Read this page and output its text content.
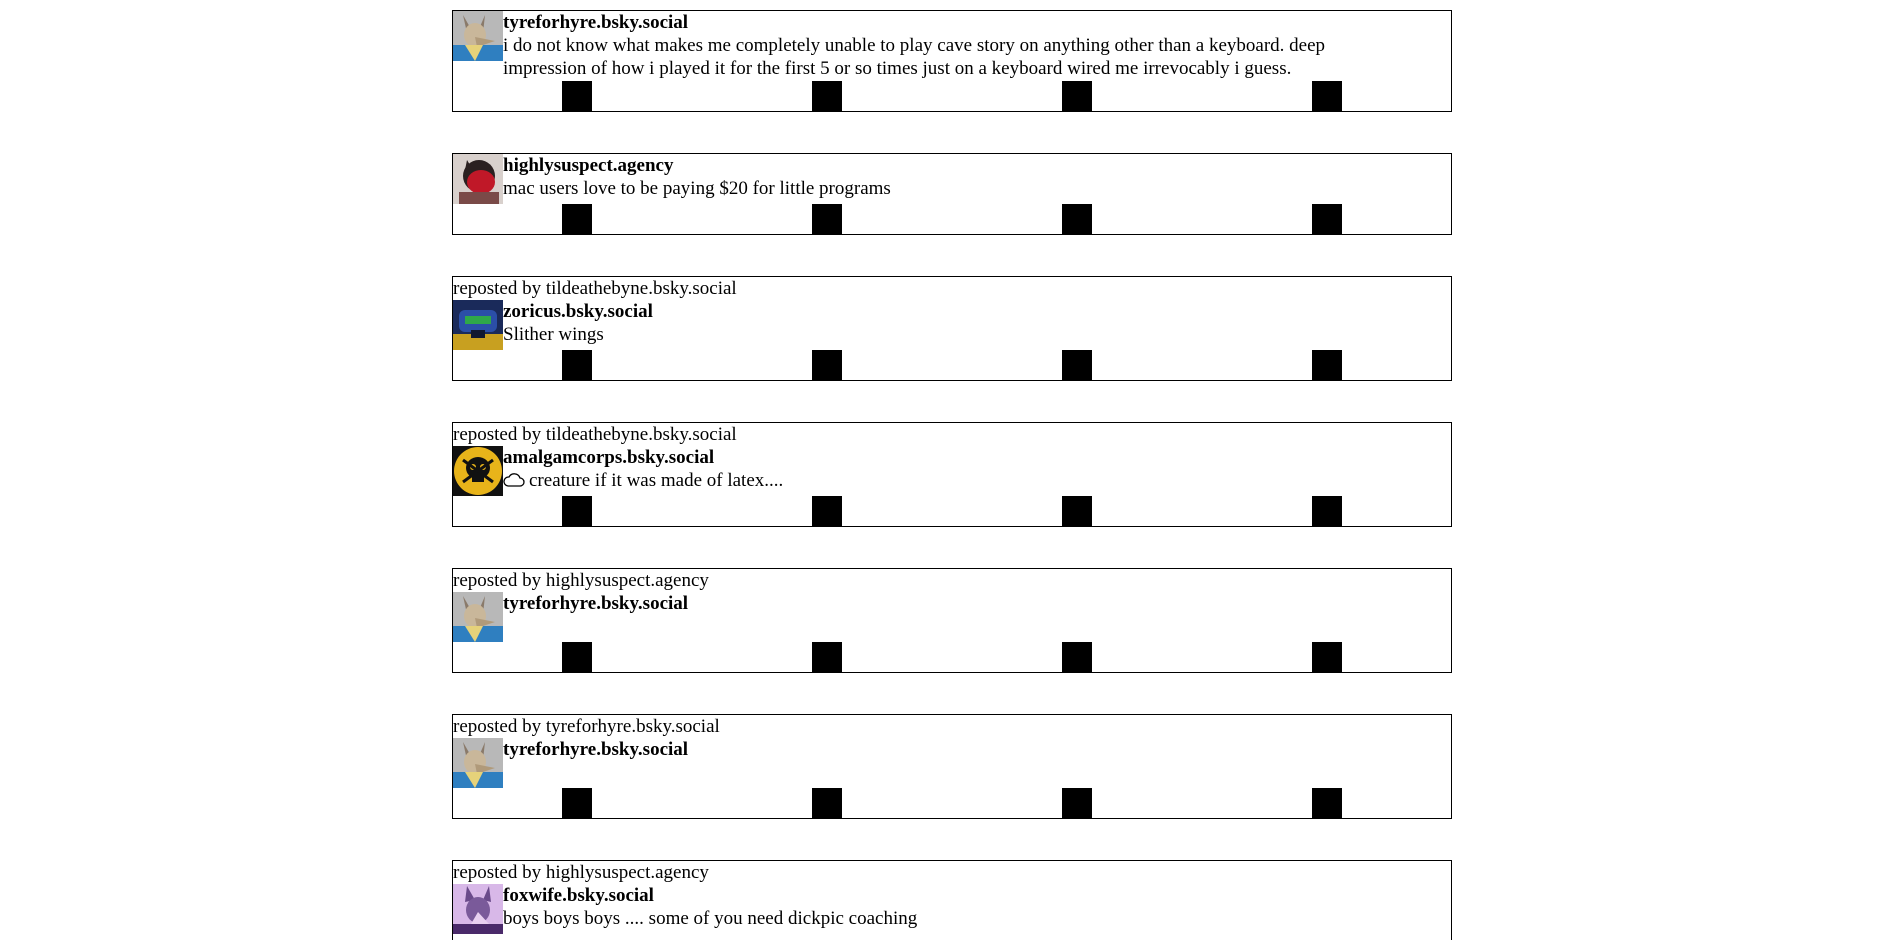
tyreforhyre.bsky.social
i do not know what makes me completely unable to play cave story on anything other than a keyboard. deep impression of how i played it for the first 5 or so times just on a keyboard wired me irrevocably i guess.
highlysuspect.agency
mac users love to be paying $20 for little programs
reposted by tildeathebyne.bsky.social
zoricus.bsky.social
Slither wings
reposted by tildeathebyne.bsky.social
amalgamcorps.bsky.social
creature if it was made of latex....
reposted by highlysuspect.agency
tyreforhyre.bsky.social
reposted by tyreforhyre.bsky.social
tyreforhyre.bsky.social
reposted by highlysuspect.agency
foxwife.bsky.social
boys boys boys .... some of you need dickpic coaching
